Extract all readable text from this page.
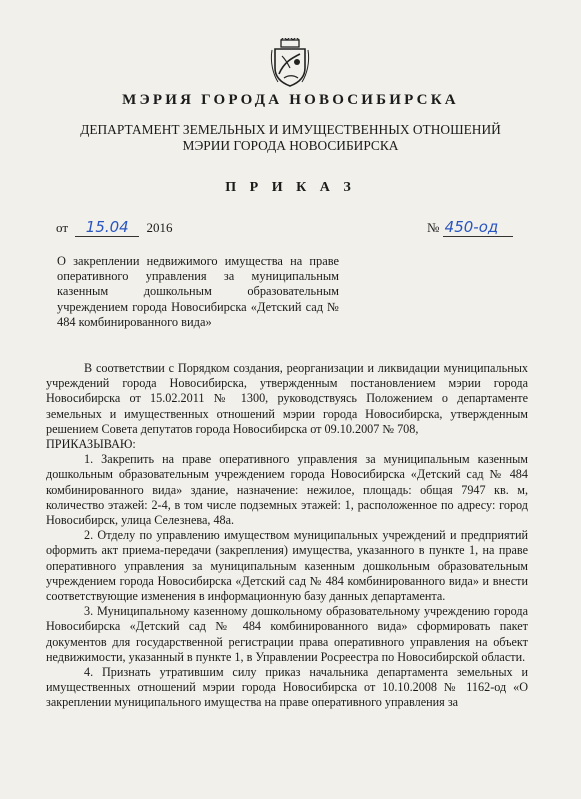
МЭРИЯ ГОРОДА НОВОСИБИРСКА
ДЕПАРТАМЕНТ ЗЕМЕЛЬНЫХ И ИМУЩЕСТВЕННЫХ ОТНОШЕНИЙ
МЭРИИ ГОРОДА НОВОСИБИРСКА
П Р И К А З
от 15.04 2016	№ 450-од

О закреплении недвижимого имущества на праве оперативного управления за муниципальным казенным дошкольным образовательным учреждением города Новосибирска «Детский сад № 484 комбинированного вида»

В соответствии с Порядком создания, реорганизации и ликвидации муниципальных учреждений города Новосибирска, утвержденным постановлением мэрии города Новосибирска от 15.02.2011 № 1300, руководствуясь Положением о департаменте земельных и имущественных отношений мэрии города Новосибирска, утвержденным решением Совета депутатов города Новосибирска от 09.10.2007 № 708,

ПРИКАЗЫВАЮ:

1. Закрепить на праве оперативного управления за муниципальным казенным дошкольным образовательным учреждением города Новосибирска «Детский сад № 484 комбинированного вида» здание, назначение: нежилое, площадь: общая 7947 кв. м, количество этажей: 2-4, в том числе подземных этажей: 1, расположенное по адресу: город Новосибирск, улица Селезнева, 48а.

2. Отделу по управлению имуществом муниципальных учреждений и предприятий оформить акт приема-передачи (закрепления) имущества, указанного в пункте 1, на праве оперативного управления за муниципальным казенным дошкольным образовательным учреждением города Новосибирска «Детский сад № 484 комбинированного вида» и внести соответствующие изменения в информационную базу данных департамента.

3. Муниципальному казенному дошкольному образовательному учреждению города Новосибирска «Детский сад № 484 комбинированного вида» сформировать пакет документов для государственной регистрации права оперативного управления на объект недвижимости, указанный в пункте 1, в Управлении Росреестра по Новосибирской области.

4. Признать утратившим силу приказ начальника департамента земельных и имущественных отношений мэрии города Новосибирска от 10.10.2008 № 1162-од «О закреплении муниципального имущества на праве оперативного управления за
